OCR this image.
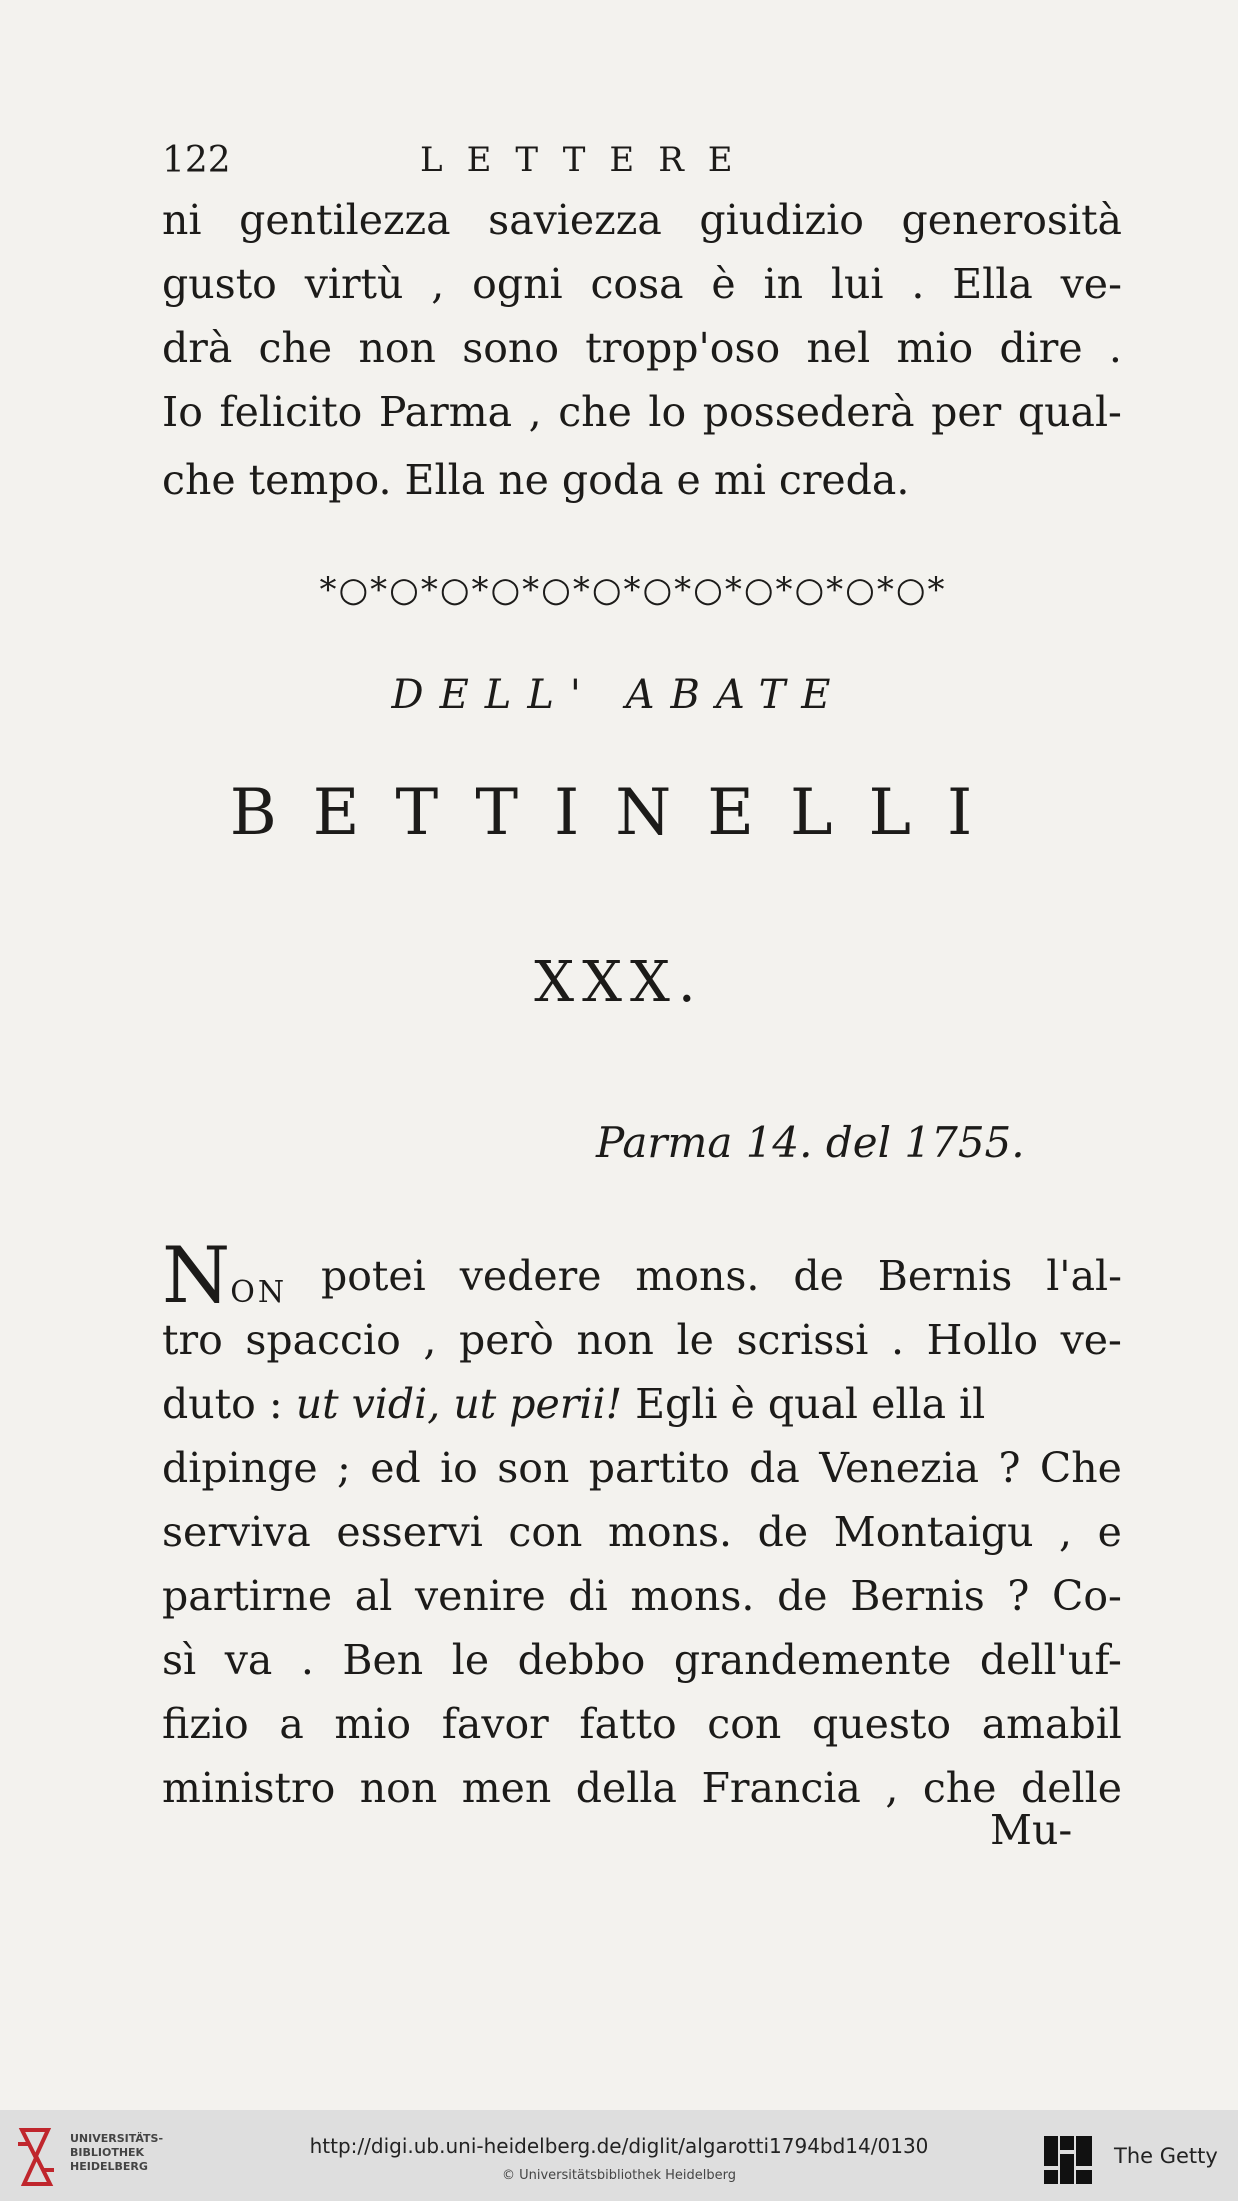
122	LETTERE
ni gentilezza saviezza giudizio generosità
gusto virtù , ogni cosa è in lui . Ella ve-
drà che non sono tropp'oso nel mio dire .
Io felicito Parma , che lo possederà per qual-
che tempo. Ella ne goda e mi creda.
*○*○*○*○*○*○*○*○*○*○*○*○*
DELL' ABATE
BETTINELLI
XXX.
Parma 14. del 1755.
NON potei vedere mons. de Bernis l'al-
tro spaccio , però non le scrissi . Hollo ve-
duto : ut vidi, ut perii! Egli è qual ella il
dipinge ; ed io son partito da Venezia ? Che
serviva esservi con mons. de Montaigu , e
partirne al venire di mons. de Bernis ? Co-
sì va . Ben le debbo grandemente dell'uf-
fizio a mio favor fatto con questo amabil
ministro non men della Francia , che delle
Mu-
UNIVERSITÄTS-
BIBLIOTHEK
HEIDELBERG
http://digi.ub.uni-heidelberg.de/diglit/algarotti1794bd14/0130
© Universitätsbibliothek Heidelberg
The Getty
